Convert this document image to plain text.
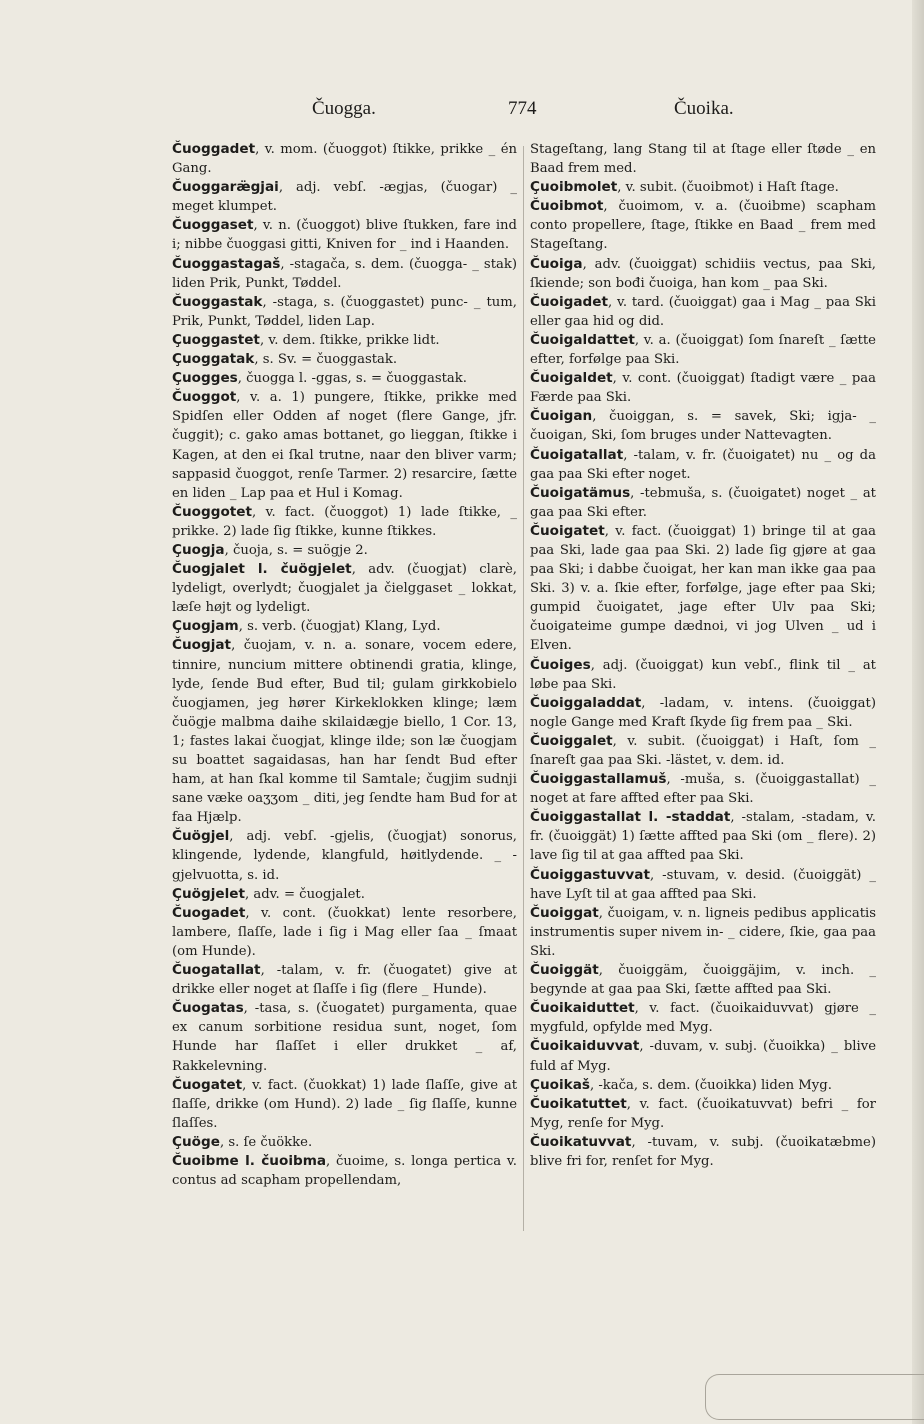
Čuogga.	774	Čuoika.

Čuoggadet, v. mom. (čuoggot) ſtikke, prikke _ én Gang.

Čuoggaræ̈gjai, adj. vebſ. -ægjas, (čuogar) _ meget klumpet.

Čuoggaset, v. n. (čuoggot) blive ſtukken, fare ind i; nibbe čuoggasi gitti, Kniven for _ ind i Haanden.

Čuoggastagaš, -stagača, s. dem. (čuogga- _ stak) liden Prik, Punkt, Tøddel.

Čuoggastak, -staga, s. (čuoggastet) punc- _ tum, Prik, Punkt, Tøddel, liden Lap.

Çuoggastet, v. dem. ſtikke, prikke lidt.

Çuoggatak, s. Sv. = čuoggastak.

Çuogges, čuogga l. -ggas, s. = čuoggastak.

Čuoggot, v. a. 1) pungere, ſtikke, prikke med Spidſen eller Odden af noget (flere Gange, jfr. čuggit); c. gako amas bottanet, go lieggan, ſtikke i Kagen, at den ei ſkal trutne, naar den bliver varm; sappasid čuoggot, renſe Tarmer. 2) resarcire, ſætte en liden _ Lap paa et Hul i Komag.

Čuoggotet, v. fact. (čuoggot) 1) lade ſtikke, _ prikke. 2) lade ſig ſtikke, kunne ſtikkes.

Çuogja, čuoja, s. = suögje 2.

Čuogjalet l. čuögjelet, adv. (čuogjat) clarè, lydeligt, overlydt; čuogjalet ja čielggaset _ lokkat, læſe højt og lydeligt.

Çuogjam, s. verb. (čuogjat) Klang, Lyd.

Čuogjat, čuojam, v. n. a. sonare, vocem edere, tinnire, nuncium mittere obtinendi gratia, klinge, lyde, ſende Bud efter, Bud til; gulam girkkobielo čuogjamen, jeg hører Kirkeklokken klinge; læm čuögje malbma daihe skilaidægje biello, 1 Cor. 13, 1; fastes lakai čuogjat, klinge ilde; son læ čuogjam su boattet sagaidasas, han har ſendt Bud efter ham, at han ſkal komme til Samtale; čugjim sudnji sane væke oaʒʒom _ diti, jeg ſendte ham Bud for at faa Hjælp.

Čuögjel, adj. vebſ. -gjelis, (čuogjat) sonorus, klingende, lydende, klangfuld, høitlydende. _ -gjelvuotta, s. id.

Çuögjelet, adv. = čuogjalet.

Čuogadet, v. cont. (čuokkat) lente resorbere, lambere, ſlaſſe, lade i ſig i Mag eller ſaa _ ſmaat (om Hunde).

Čuogatallat, -talam, v. fr. (čuogatet) give at drikke eller noget at ſlaſſe i ſig (flere _ Hunde).

Čuogatas, -tasa, s. (čuogatet) purgamenta, quae ex canum sorbitione residua sunt, noget, ſom Hunde har ſlaſſet i eller drukket _ af, Rakkelevning.

Čuogatet, v. fact. (čuokkat) 1) lade ſlaſſe, give at ſlaſſe, drikke (om Hund). 2) lade _ ſig ſlaſſe, kunne ſlaſſes.

Çuöge, s. ſe čuökke.

Čuoibme l. čuoibma, čuoime, s. longa pertica v. contus ad scapham propellendam,

Stageſtang, lang Stang til at ſtage eller ſtøde _ en Baad frem med.

Çuoibmolet, v. subit. (čuoibmot) i Haſt ſtage.

Čuoibmot, čuoimom, v. a. (čuoibme) scapham conto propellere, ſtage, ſtikke en Baad _ frem med Stageſtang.

Čuoiga, adv. (čuoiggat) schidiis vectus, paa Ski, ſkiende; son bođi čuoiga, han kom _ paa Ski.

Čuoigadet, v. tard. (čuoiggat) gaa i Mag _ paa Ski eller gaa hid og did.

Čuoigaldattet, v. a. (čuoiggat) ſom ſnareſt _ ſætte efter, forfølge paa Ski.

Čuoigaldet, v. cont. (čuoiggat) ſtadigt være _ paa Færde paa Ski.

Čuoigan, čuoiggan, s. = savek, Ski; igja- _ čuoigan, Ski, ſom bruges under Nattevagten.

Čuoigatallat, -talam, v. fr. (čuoigatet) nu _ og da gaa paa Ski efter noget.

Čuoigatämus, -tebmuša, s. (čuoigatet) noget _ at gaa paa Ski efter.

Čuoigatet, v. fact. (čuoiggat) 1) bringe til at gaa paa Ski, lade gaa paa Ski. 2) lade ſig gjøre at gaa paa Ski; i dabbe čuoigat, her kan man ikke gaa paa Ski. 3) v. a. ſkie efter, forfølge, jage efter paa Ski; gumpid čuoigatet, jage efter Ulv paa Ski; čuoigateime gumpe dædnoi, vi jog Ulven _ ud i Elven.

Čuoiges, adj. (čuoiggat) kun vebſ., flink til _ at løbe paa Ski.

Čuoiggaladdat, -ladam, v. intens. (čuoiggat) nogle Gange med Kraft ſkyde ſig frem paa _ Ski.

Čuoiggalet, v. subit. (čuoiggat) i Haſt, ſom _ ſnareſt gaa paa Ski. -lästet, v. dem. id.

Čuoiggastallamuš, -muša, s. (čuoiggastallat) _ noget at fare affted efter paa Ski.

Čuoiggastallat l. -staddat, -stalam, -stadam, v. fr. (čuoiggät) 1) ſætte affted paa Ski (om _ flere). 2) lave ſig til at gaa affted paa Ski.

Čuoiggastuvvat, -stuvam, v. desid. (čuoiggät) _ have Lyſt til at gaa affted paa Ski.

Čuoiggat, čuoigam, v. n. ligneis pedibus applicatis instrumentis super nivem in- _ cidere, ſkie, gaa paa Ski.

Čuoiggät, čuoiggäm, čuoiggäjim, v. inch. _ begynde at gaa paa Ski, ſætte affted paa Ski.

Čuoikaiduttet, v. fact. (čuoikaiduvvat) gjøre _ mygfuld, opfylde med Myg.

Čuoikaiduvvat, -duvam, v. subj. (čuoikka) _ blive fuld af Myg.

Çuoikaš, -kača, s. dem. (čuoikka) liden Myg.

Čuoikatuttet, v. fact. (čuoikatuvvat) befri _ for Myg, renſe for Myg.

Čuoikatuvvat, -tuvam, v. subj. (čuoikatæbme) blive fri for, renſet for Myg.
